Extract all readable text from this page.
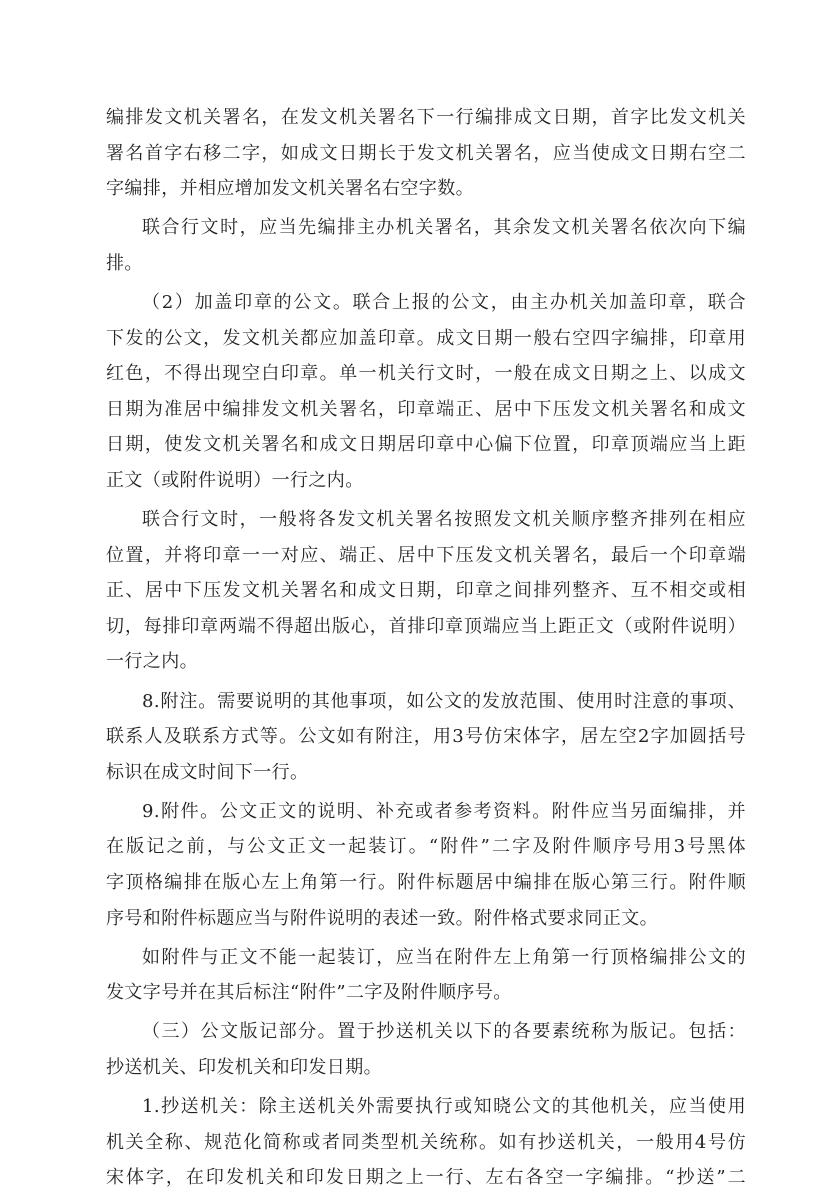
编排发文机关署名，在发文机关署名下一行编排成文日期，首字比发文机关
署名首字右移二字，如成文日期长于发文机关署名，应当使成文日期右空二
字编排，并相应增加发文机关署名右空字数。

联合行文时，应当先编排主办机关署名，其余发文机关署名依次向下编
排。

（2）加盖印章的公文。联合上报的公文，由主办机关加盖印章，联合
下发的公文，发文机关都应加盖印章。成文日期一般右空四字编排，印章用
红色，不得出现空白印章。单一机关行文时，一般在成文日期之上、以成文
日期为准居中编排发文机关署名，印章端正、居中下压发文机关署名和成文
日期，使发文机关署名和成文日期居印章中心偏下位置，印章顶端应当上距
正文（或附件说明）一行之内。

联合行文时，一般将各发文机关署名按照发文机关顺序整齐排列在相应
位置，并将印章一一对应、端正、居中下压发文机关署名，最后一个印章端
正、居中下压发文机关署名和成文日期，印章之间排列整齐、互不相交或相
切，每排印章两端不得超出版心，首排印章顶端应当上距正文（或附件说明）
一行之内。

8.附注。需要说明的其他事项，如公文的发放范围、使用时注意的事项、
联系人及联系方式等。公文如有附注，用3号仿宋体字，居左空2字加圆括号
标识在成文时间下一行。

9.附件。公文正文的说明、补充或者参考资料。附件应当另面编排，并
在版记之前，与公文正文一起装订。“附件”二字及附件顺序号用3号黑体
字顶格编排在版心左上角第一行。附件标题居中编排在版心第三行。附件顺
序号和附件标题应当与附件说明的表述一致。附件格式要求同正文。

如附件与正文不能一起装订，应当在附件左上角第一行顶格编排公文的
发文字号并在其后标注“附件”二字及附件顺序号。

（三）公文版记部分。置于抄送机关以下的各要素统称为版记。包括：
抄送机关、印发机关和印发日期。

1.抄送机关：除主送机关外需要执行或知晓公文的其他机关，应当使用
机关全称、规范化简称或者同类型机关统称。如有抄送机关，一般用4号仿
宋体字，在印发机关和印发日期之上一行、左右各空一字编排。“抄送”二
